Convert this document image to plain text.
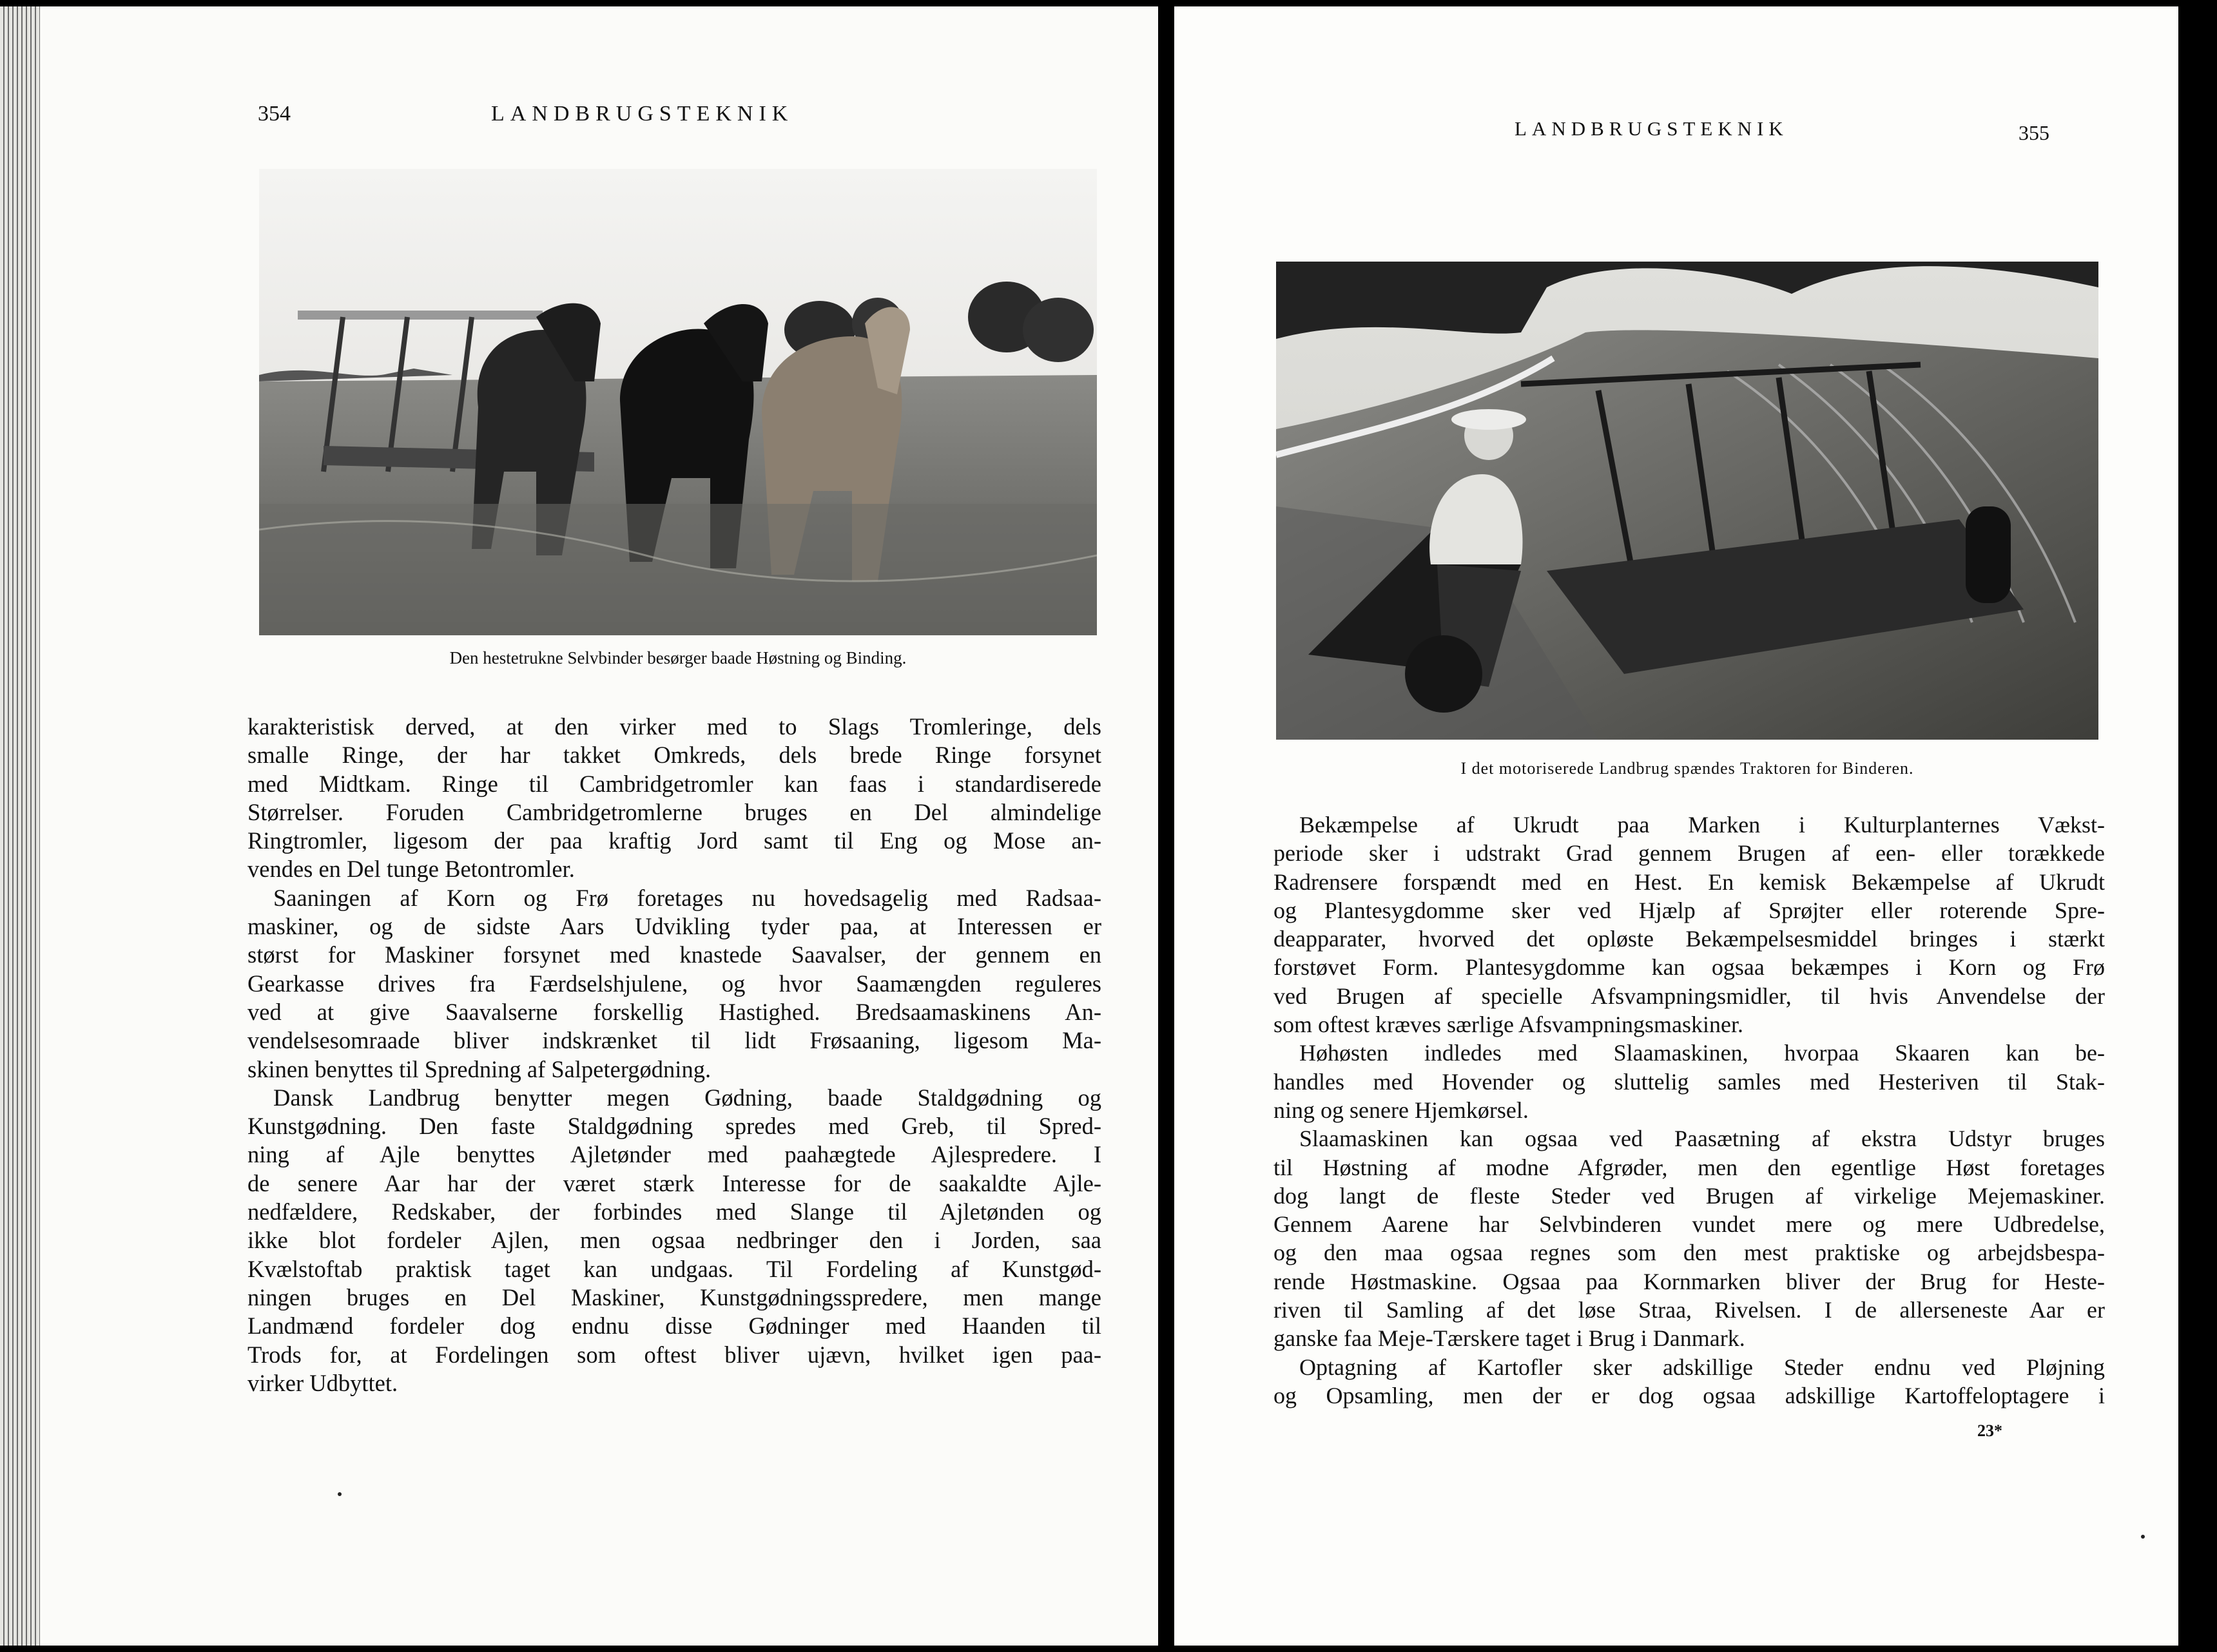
354	LANDBRUGSTEKNIK
Den hestetrukne Selvbinder besørger baade Høstning og Binding.

karakteristisk derved, at den virker med to Slags Tromleringe, dels
smalle Ringe, der har takket Omkreds, dels brede Ringe forsynet
med Midtkam. Ringe til Cambridgetromler kan faas i standardiserede
Størrelser. Foruden Cambridgetromlerne bruges en Del almindelige
Ringtromler, ligesom der paa kraftig Jord samt til Eng og Mose an-
vendes en Del tunge Betontromler.

Saaningen af Korn og Frø foretages nu hovedsagelig med Radsaa-
maskiner, og de sidste Aars Udvikling tyder paa, at Interessen er
størst for Maskiner forsynet med knastede Saavalser, der gennem en
Gearkasse drives fra Færdselshjulene, og hvor Saamængden reguleres
ved at give Saavalserne forskellig Hastighed. Bredsaamaskinens An-
vendelsesomraade bliver indskrænket til lidt Frøsaaning, ligesom Ma-
skinen benyttes til Spredning af Salpetergødning.

Dansk Landbrug benytter megen Gødning, baade Staldgødning og
Kunstgødning. Den faste Staldgødning spredes med Greb, til Spred-
ning af Ajle benyttes Ajletønder med paahægtede Ajlespredere. I
de senere Aar har der været stærk Interesse for de saakaldte Ajle-
nedfældere, Redskaber, der forbindes med Slange til Ajletønden og
ikke blot fordeler Ajlen, men ogsaa nedbringer den i Jorden, saa
Kvælstoftab praktisk taget kan undgaas. Til Fordeling af Kunstgød-
ningen bruges en Del Maskiner, Kunstgødningsspredere, men mange
Landmænd fordeler dog endnu disse Gødninger med Haanden til
Trods for, at Fordelingen som oftest bliver ujævn, hvilket igen paa-
virker Udbyttet.

LANDBRUGSTEKNIK	355
I det motoriserede Landbrug spændes Traktoren for Binderen.

Bekæmpelse af Ukrudt paa Marken i Kulturplanternes Vækst-
periode sker i udstrakt Grad gennem Brugen af een- eller torækkede
Radrensere forspændt med en Hest. En kemisk Bekæmpelse af Ukrudt
og Plantesygdomme sker ved Hjælp af Sprøjter eller roterende Spre-
deapparater, hvorved det opløste Bekæmpelsesmiddel bringes i stærkt
forstøvet Form. Plantesygdomme kan ogsaa bekæmpes i Korn og Frø
ved Brugen af specielle Afsvampningsmidler, til hvis Anvendelse der
som oftest kræves særlige Afsvampningsmaskiner.

Høhøsten indledes med Slaamaskinen, hvorpaa Skaaren kan be-
handles med Hovender og sluttelig samles med Hesteriven til Stak-
ning og senere Hjemkørsel.

Slaamaskinen kan ogsaa ved Paasætning af ekstra Udstyr bruges
til Høstning af modne Afgrøder, men den egentlige Høst foretages
dog langt de fleste Steder ved Brugen af virkelige Mejemaskiner.
Gennem Aarene har Selvbinderen vundet mere og mere Udbredelse,
og den maa ogsaa regnes som den mest praktiske og arbejdsbespa-
rende Høstmaskine. Ogsaa paa Kornmarken bliver der Brug for Heste-
riven til Samling af det løse Straa, Rivelsen. I de allerseneste Aar er
ganske faa Meje-Tærskere taget i Brug i Danmark.

Optagning af Kartofler sker adskillige Steder endnu ved Pløjning
og Opsamling, men der er dog ogsaa adskillige Kartoffeloptagere i

23*
